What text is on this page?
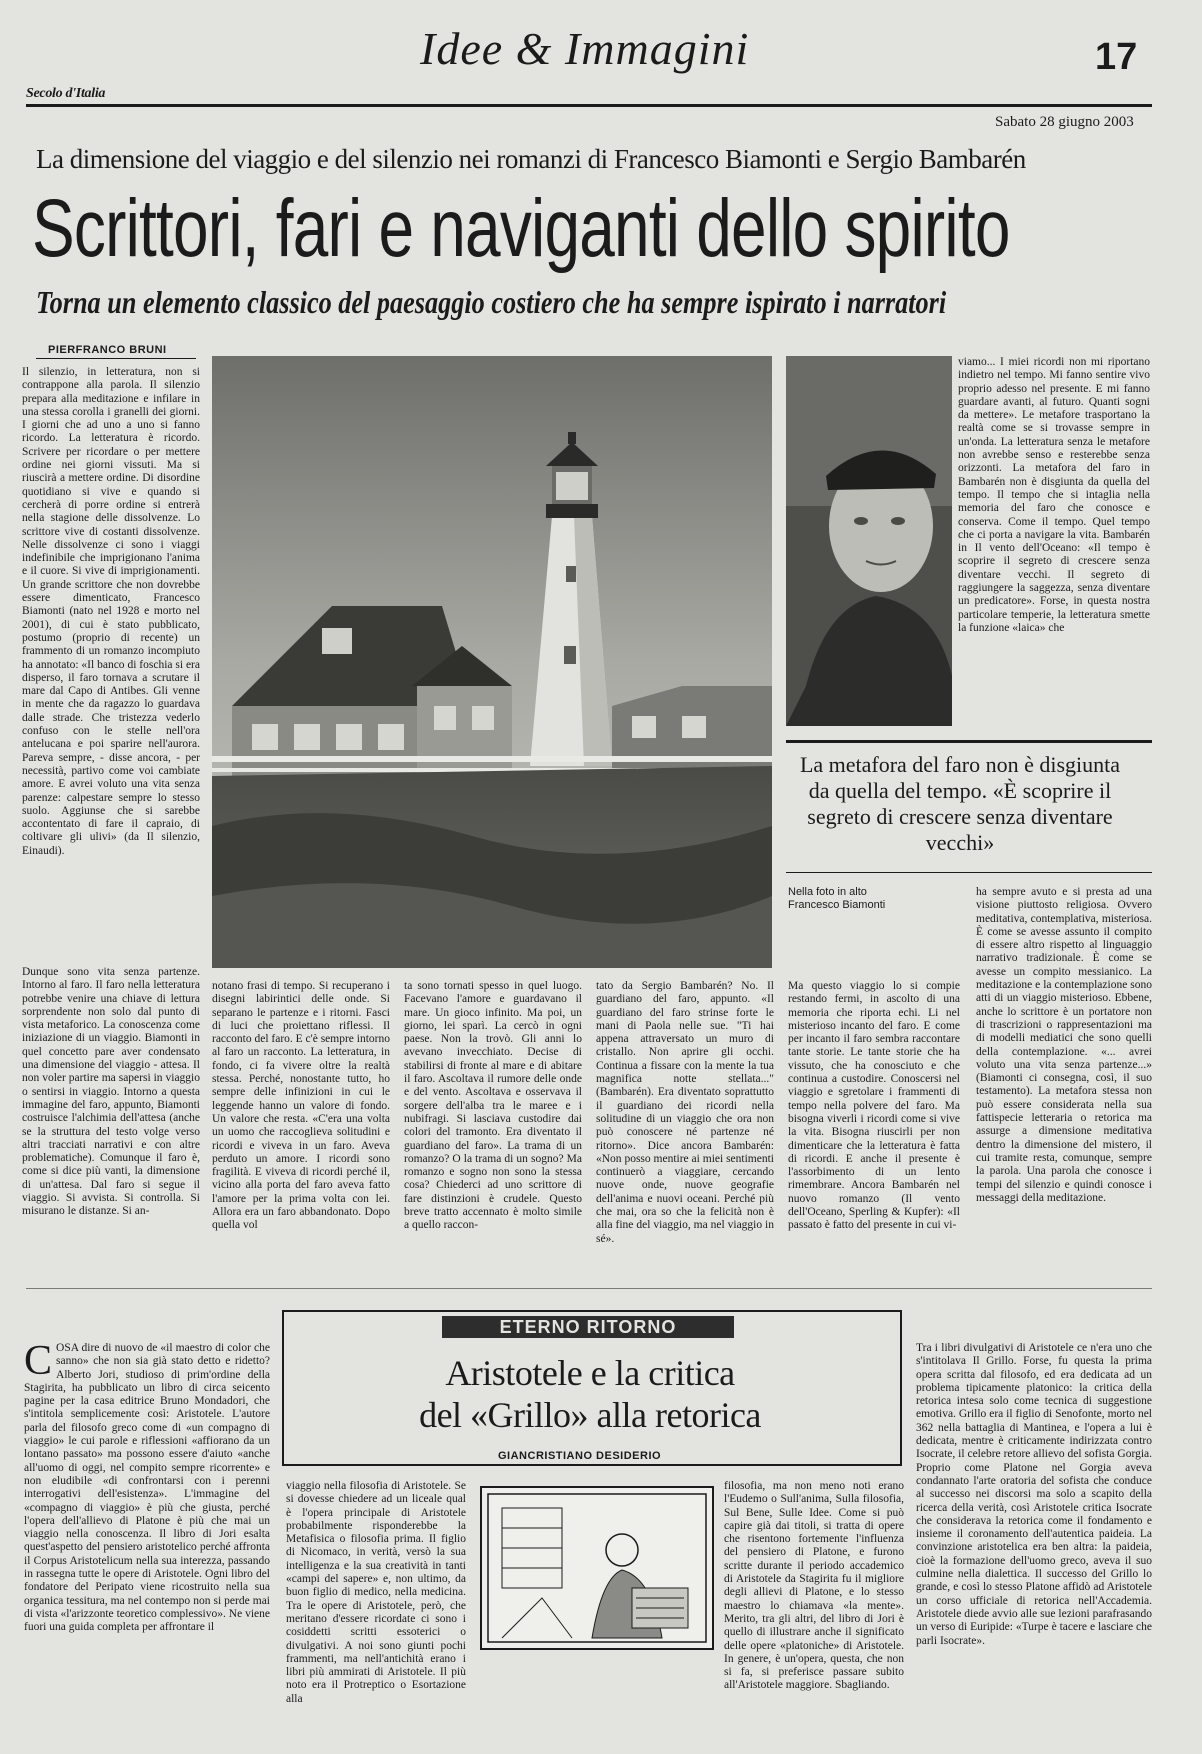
Secolo d'Italia
Idee & Immagini	17
Sabato 28 giugno 2003
La dimensione del viaggio e del silenzio nei romanzi di Francesco Biamonti e Sergio Bambarén
Scrittori, fari e naviganti dello spirito
Torna un elemento classico del paesaggio costiero che ha sempre ispirato i narratori
PIERFRANCO BRUNI
Il silenzio, in letteratura, non si contrappone alla parola. Il silenzio prepara alla meditazione e infilare in una stessa corolla i granelli dei giorni. I giorni che ad uno a uno si fanno ricordo. La letteratura è ricordo. Scrivere per ricordare o per mettere ordine nei giorni vissuti. Ma si riuscirà a mettere ordine. Di disordine quotidiano si vive e quando si cercherà di porre ordine si entrerà nella stagione delle dissolvenze. Lo scrittore vive di costanti dissolvenze. Nelle dissolvenze ci sono i viaggi indefinibile che imprigionano l'anima e il cuore. Si vive di imprigionamenti. Un grande scrittore che non dovrebbe essere dimenticato, Francesco Biamonti (nato nel 1928 e morto nel 2001), di cui è stato pubblicato, postumo (proprio di recente) un frammento di un romanzo incompiuto ha annotato: «Il banco di foschia si era disperso, il faro tornava a scrutare il mare dal Capo di Antibes. Gli venne in mente che da ragazzo lo guardava dalle strade. Che tristezza vederlo confuso con le stelle nell'ora antelucana e poi sparire nell'aurora. Pareva sempre, - disse ancora, - per necessità, partivo come voi cambiate amore. E avrei voluto una vita senza parenze: calpestare sempre lo stesso suolo. Aggiunse che si sarebbe accontentato di fare il capraio, di coltivare gli ulivi» (da Il silenzio, Einaudi).
viamo... I miei ricordi non mi riportano indietro nel tempo. Mi fanno sentire vivo proprio adesso nel presente. E mi fanno guardare avanti, al futuro. Quanti sogni da mettere». Le metafore trasportano la realtà come se si trovasse sempre in un'onda. La letteratura senza le metafore non avrebbe senso e resterebbe senza orizzonti. La metafora del faro in Bambarén non è disgiunta da quella del tempo. Il tempo che si intaglia nella memoria del faro che conosce e conserva. Come il tempo. Quel tempo che ci porta a navigare la vita. Bambarén in Il vento dell'Oceano: «Il tempo è scoprire il segreto di crescere senza diventare vecchi. Il segreto di raggiungere la saggezza, senza diventare un predicatore». Forse, in questa nostra particolare temperie, la letteratura smette la funzione «laica» che
La metafora del faro non è disgiunta da quella del tempo. «È scoprire il segreto di crescere senza diventare vecchi»
Nella foto in alto
Francesco Biamonti
Dunque sono vita senza partenze. Intorno al faro. Il faro nella letteratura potrebbe venire una chiave di lettura sorprendente non solo dal punto di vista metaforico. La conoscenza come iniziazione di un viaggio. Biamonti in quel concetto pare aver condensato una dimensione del viaggio - attesa. Il non voler partire ma sapersi in viaggio o sentirsi in viaggio. Intorno a questa immagine del faro, appunto, Biamonti costruisce l'alchimia dell'attesa (anche se la struttura del testo volge verso altri tracciati narrativi e con altre problematiche). Comunque il faro è, come si dice più vanti, la dimensione di un'attesa. Dal faro si segue il viaggio. Si avvista. Si controlla. Si misurano le distanze. Si an-
notano frasi di tempo. Si recuperano i disegni labirintici delle onde. Si separano le partenze e i ritorni. Fasci di luci che proiettano riflessi. Il racconto del faro. E c'è sempre intorno al faro un racconto. La letteratura, in fondo, ci fa vivere oltre la realtà stessa. Perché, nonostante tutto, ho sempre delle infinizioni in cui le leggende hanno un valore di fondo. Un valore che resta. «C'era una volta un uomo che raccoglieva solitudini e ricordi e viveva in un faro. Aveva perduto un amore. I ricordi sono fragilità. E viveva di ricordi perché il, vicino alla porta del faro aveva fatto l'amore per la prima volta con lei. Allora era un faro abbandonato. Dopo quella vol
ta sono tornati spesso in quel luogo. Facevano l'amore e guardavano il mare. Un gioco infinito. Ma poi, un giorno, lei sparì. La cercò in ogni paese. Non la trovò. Gli anni lo avevano invecchiato. Decise di stabilirsi di fronte al mare e di abitare il faro. Ascoltava il rumore delle onde e del vento. Ascoltava e osservava il sorgere dell'alba tra le maree e i nubifragi. Si lasciava custodire dai colori del tramonto. Era diventato il guardiano del faro». La trama di un romanzo? O la trama di un sogno? Ma romanzo e sogno non sono la stessa cosa? Chiederci ad uno scrittore di fare distinzioni è crudele. Questo breve tratto accennato è molto simile a quello raccon-
tato da Sergio Bambarén? No. Il guardiano del faro, appunto. «Il guardiano del faro strinse forte le mani di Paola nelle sue. "Ti hai appena attraversato un muro di cristallo. Non aprire gli occhi. Continua a fissare con la mente la tua magnifica notte stellata..." (Bambarén). Era diventato soprattutto il guardiano dei ricordi nella solitudine di un viaggio che ora non può conoscere né partenze né ritorno». Dice ancora Bambarén: «Non posso mentire ai miei sentimenti continuerò a viaggiare, cercando nuove onde, nuove geografie dell'anima e nuovi oceani. Perché più che mai, ora so che la felicità non è alla fine del viaggio, ma nel viaggio in sé».
Ma questo viaggio lo si compie restando fermi, in ascolto di una memoria che riporta echi. Li nel misterioso incanto del faro. E come per incanto il faro sembra raccontare tante storie. Le tante storie che ha vissuto, che ha conosciuto e che continua a custodire. Conoscersi nel viaggio e sgretolare i frammenti di tempo nella polvere del faro. Ma bisogna viverli i ricordi come si vive la vita. Bisogna riuscirli per non dimenticare che la letteratura è fatta di ricordi. E anche il presente è l'assorbimento di un lento rimembrare. Ancora Bambarén nel nuovo romanzo (Il vento dell'Oceano, Sperling & Kupfer): «Il passato è fatto del presente in cui vi-
ha sempre avuto e si presta ad una visione piuttosto religiosa. Ovvero meditativa, contemplativa, misteriosa. È come se avesse assunto il compito di essere altro rispetto al linguaggio narrativo tradizionale. È come se avesse un compito messianico. La meditazione e la contemplazione sono atti di un viaggio misterioso. Ebbene, anche lo scrittore è un portatore non di trascrizioni o rappresentazioni ma di modelli mediatici che sono quelli della contemplazione. «... avrei voluto una vita senza partenze...» (Biamonti ci consegna, così, il suo testamento). La metafora stessa non può essere considerata nella sua fattispecie letteraria o retorica ma assurge a dimensione meditativa dentro la dimensione del mistero, il cui tramite resta, comunque, sempre la parola. Una parola che conosce i tempi del silenzio e quindi conosce i messaggi della meditazione.
ETERNO RITORNO
Aristotele e la critica
del «Grillo» alla retorica
GIANCRISTIANO DESIDERIO
COSA dire di nuovo de «il maestro di color che sanno» che non sia già stato detto e ridetto? Alberto Jori, studioso di prim'ordine della Stagirita, ha pubblicato un libro di circa seicento pagine per la casa editrice Bruno Mondadori, che s'intitola semplicemente così: Aristotele. L'autore parla del filosofo greco come di «un compagno di viaggio» le cui parole e riflessioni «affiorano da un lontano passato» ma possono essere d'aiuto «anche all'uomo di oggi, nel compito sempre ricorrente» e non eludibile «di confrontarsi con i perenni interrogativi dell'esistenza». L'immagine del «compagno di viaggio» è più che giusta, perché l'opera dell'allievo di Platone è più che mai un viaggio nella conoscenza. Il libro di Jori esalta quest'aspetto del pensiero aristotelico perché affronta il Corpus Aristotelicum nella sua interezza, passando in rassegna tutte le opere di Aristotele. Ogni libro del fondatore del Peripato viene ricostruito nella sua organica tessitura, ma nel contempo non si perde mai di vista «l'arizzonte teoretico complessivo». Ne viene fuori una guida completa per affrontare il
viaggio nella filosofia di Aristotele. Se si dovesse chiedere ad un liceale qual è l'opera principale di Aristotele probabilmente risponderebbe la Metafisica o filosofia prima. Il figlio di Nicomaco, in verità, versò la sua intelligenza e la sua creatività in tanti «campi del sapere» e, non ultimo, da buon figlio di medico, nella medicina. Tra le opere di Aristotele, però, che meritano d'essere ricordate ci sono i cosiddetti scritti essoterici o divulgativi. A noi sono giunti pochi frammenti, ma nell'antichità erano i libri più ammirati di Aristotele. Il più noto era il Protreptico o Esortazione alla
filosofia, ma non meno noti erano l'Eudemo o Sull'anima, Sulla filosofia, Sul Bene, Sulle Idee. Come si può capire già dai titoli, si tratta di opere che risentono fortemente l'influenza del pensiero di Platone, e furono scritte durante il periodo accademico di Aristotele da Stagirita fu il migliore degli allievi di Platone, e lo stesso maestro lo chiamava «la mente». Merito, tra gli altri, del libro di Jori è quello di illustrare anche il significato delle opere «platoniche» di Aristotele. In genere, è un'opera, questa, che non si fa, si preferisce passare subito all'Aristotele maggiore. Sbagliando.
Tra i libri divulgativi di Aristotele ce n'era uno che s'intitolava Il Grillo. Forse, fu questa la prima opera scritta dal filosofo, ed era dedicata ad un problema tipicamente platonico: la critica della retorica intesa solo come tecnica di suggestione emotiva. Grillo era il figlio di Senofonte, morto nel 362 nella battaglia di Mantinea, e l'opera a lui è dedicata, mentre è criticamente indirizzata contro Isocrate, il celebre retore allievo del sofista Gorgia. Proprio come Platone nel Gorgia aveva condannato l'arte oratoria del sofista che conduce al successo nei discorsi ma solo a scapito della ricerca della verità, così Aristotele critica Isocrate che considerava la retorica come il fondamento e insieme il coronamento dell'autentica paideia. La convinzione aristotelica era ben altra: la paideia, cioè la formazione dell'uomo greco, aveva il suo culmine nella dialettica. Il successo del Grillo lo grande, e così lo stesso Platone affidò ad Aristotele un corso ufficiale di retorica nell'Accademia. Aristotele diede avvio alle sue lezioni parafrasando un verso di Euripide: «Turpe è tacere e lasciare che parli Isocrate».
